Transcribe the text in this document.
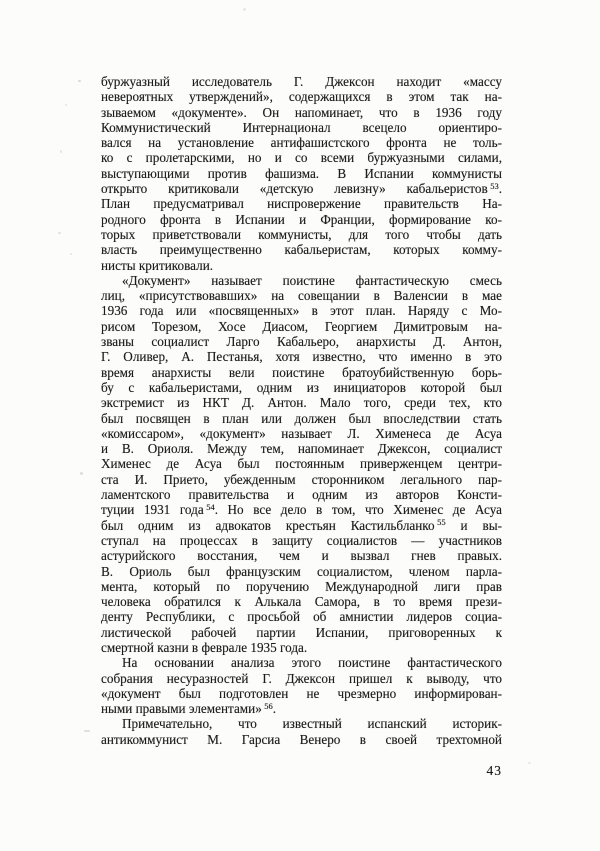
буржуазный исследователь Г. Джексон находит «массу
невероятных утверждений», содержащихся в этом так на-
зываемом «документе». Он напоминает, что в 1936 году
Коммунистический Интернационал всецело ориентиро-
вался на установление антифашистского фронта не толь-
ко с пролетарскими, но и со всеми буржуазными силами,
выступающими против фашизма. В Испании коммунисты
открыто критиковали «детскую левизну» кабальеристов $^{53}$.
План предусматривал ниспровержение правительств На-
родного фронта в Испании и Франции, формирование ко-
торых приветствовали коммунисты, для того чтобы дать
власть преимущественно кабальеристам, которых комму-
нисты критиковали.
«Документ» называет поистине фантастическую смесь
лиц, «присутствовавших» на совещании в Валенсии в мае
1936 года или «посвященных» в этот план. Наряду с Мо-
рисом Торезом, Хосе Диасом, Георгием Димитровым на-
званы социалист Ларго Кабальеро, анархисты Д. Антон,
Г. Оливер, А. Пестанья, хотя известно, что именно в это
время анархисты вели поистине братоубийственную борь-
бу с кабальеристами, одним из инициаторов которой был
экстремист из НКТ Д. Антон. Мало того, среди тех, кто
был посвящен в план или должен был впоследствии стать
«комиссаром», «документ» называет Л. Хименеса де Асуа
и В. Ориоля. Между тем, напоминает Джексон, социалист
Хименес де Асуа был постоянным приверженцем центри-
ста И. Прието, убежденным сторонником легального пар-
ламентского правительства и одним из авторов Консти-
туции 1931 года $^{54}$. Но все дело в том, что Хименес де Асуа
был одним из адвокатов крестьян Кастильбланко $^{55}$ и вы-
ступал на процессах в защиту социалистов — участников
астурийского восстания, чем и вызвал гнев правых.
В. Ориоль был французским социалистом, членом парла-
мента, который по поручению Международной лиги прав
человека обратился к Алькала Самора, в то время прези-
денту Республики, с просьбой об амнистии лидеров социа-
листической рабочей партии Испании, приговоренных к
смертной казни в феврале 1935 года.
На основании анализа этого поистине фантастического
собрания несуразностей Г. Джексон пришел к выводу, что
«документ был подготовлен не чрезмерно информирован-
ными правыми элементами» $^{56}$.
Примечательно, что известный испанский историк-
антикоммунист М. Гарсиа Венеро в своей трехтомной
43
